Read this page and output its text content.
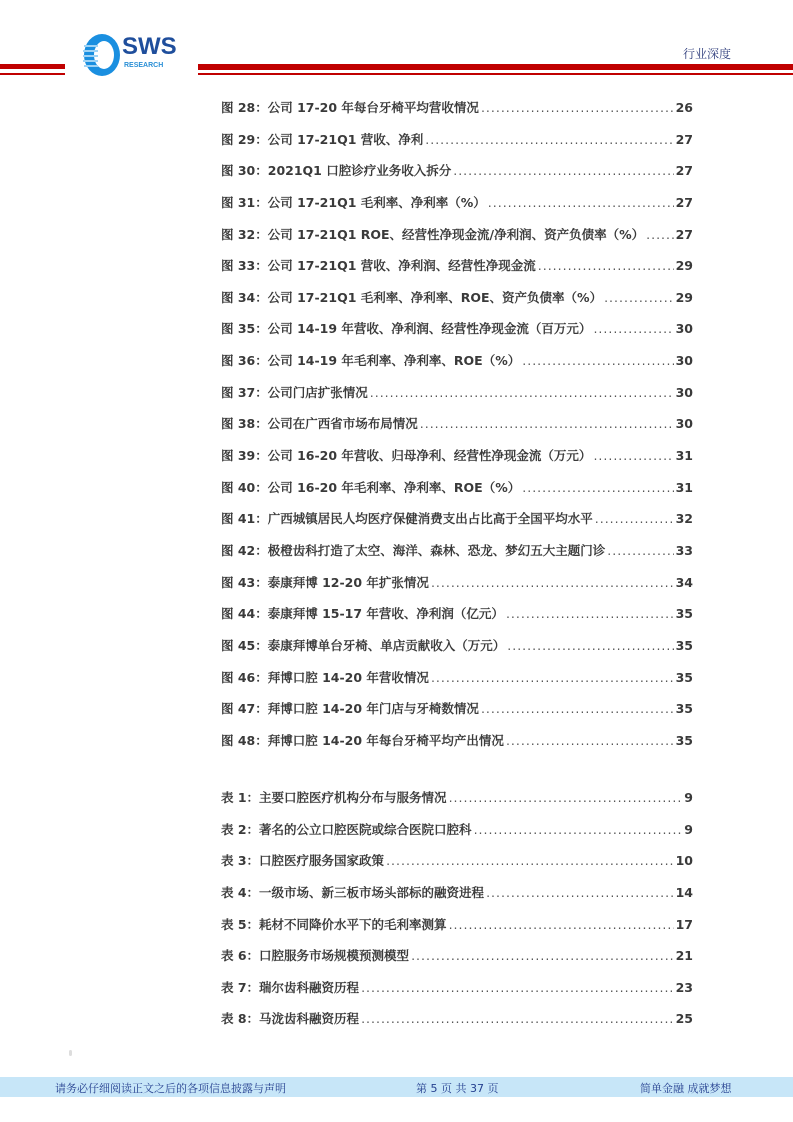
SWS
RESEARCH
行业深度
图 28：公司 17-20 年每台牙椅平均营收情况 .....	26
图 29：公司 17-21Q1 营收、净利 .....	27
图 30：2021Q1 口腔诊疗业务收入拆分 .....	27
图 31：公司 17-21Q1 毛利率、净利率（%） .....	27
图 32：公司 17-21Q1 ROE、经营性净现金流/净利润、资产负债率（%） .....	27
图 33：公司 17-21Q1 营收、净利润、经营性净现金流 .....	29
图 34：公司 17-21Q1 毛利率、净利率、ROE、资产负债率（%） .....	29
图 35：公司 14-19 年营收、净利润、经营性净现金流（百万元） .....	30
图 36：公司 14-19 年毛利率、净利率、ROE（%） .....	30
图 37：公司门店扩张情况 .....	30
图 38：公司在广西省市场布局情况 .....	30
图 39：公司 16-20 年营收、归母净利、经营性净现金流（万元） .....	31
图 40：公司 16-20 年毛利率、净利率、ROE（%） .....	31
图 41：广西城镇居民人均医疗保健消费支出占比高于全国平均水平 .....	32
图 42：极橙齿科打造了太空、海洋、森林、恐龙、梦幻五大主题门诊 .....	33
图 43：泰康拜博 12-20 年扩张情况 .....	34
图 44：泰康拜博 15-17 年营收、净利润（亿元） .....	35
图 45：泰康拜博单台牙椅、单店贡献收入（万元） .....	35
图 46：拜博口腔 14-20 年营收情况 .....	35
图 47：拜博口腔 14-20 年门店与牙椅数情况 .....	35
图 48：拜博口腔 14-20 年每台牙椅平均产出情况 .....	35
表 1：主要口腔医疗机构分布与服务情况 .....	9
表 2：著名的公立口腔医院或综合医院口腔科 .....	9
表 3：口腔医疗服务国家政策 .....	10
表 4：一级市场、新三板市场头部标的融资进程 .....	14
表 5：耗材不同降价水平下的毛利率测算 .....	17
表 6：口腔服务市场规模预测模型 .....	21
表 7：瑞尔齿科融资历程 .....	23
表 8：马泷齿科融资历程 .....	25
请务必仔细阅读正文之后的各项信息披露与声明	第 5 页 共 37 页	简单金融 成就梦想
